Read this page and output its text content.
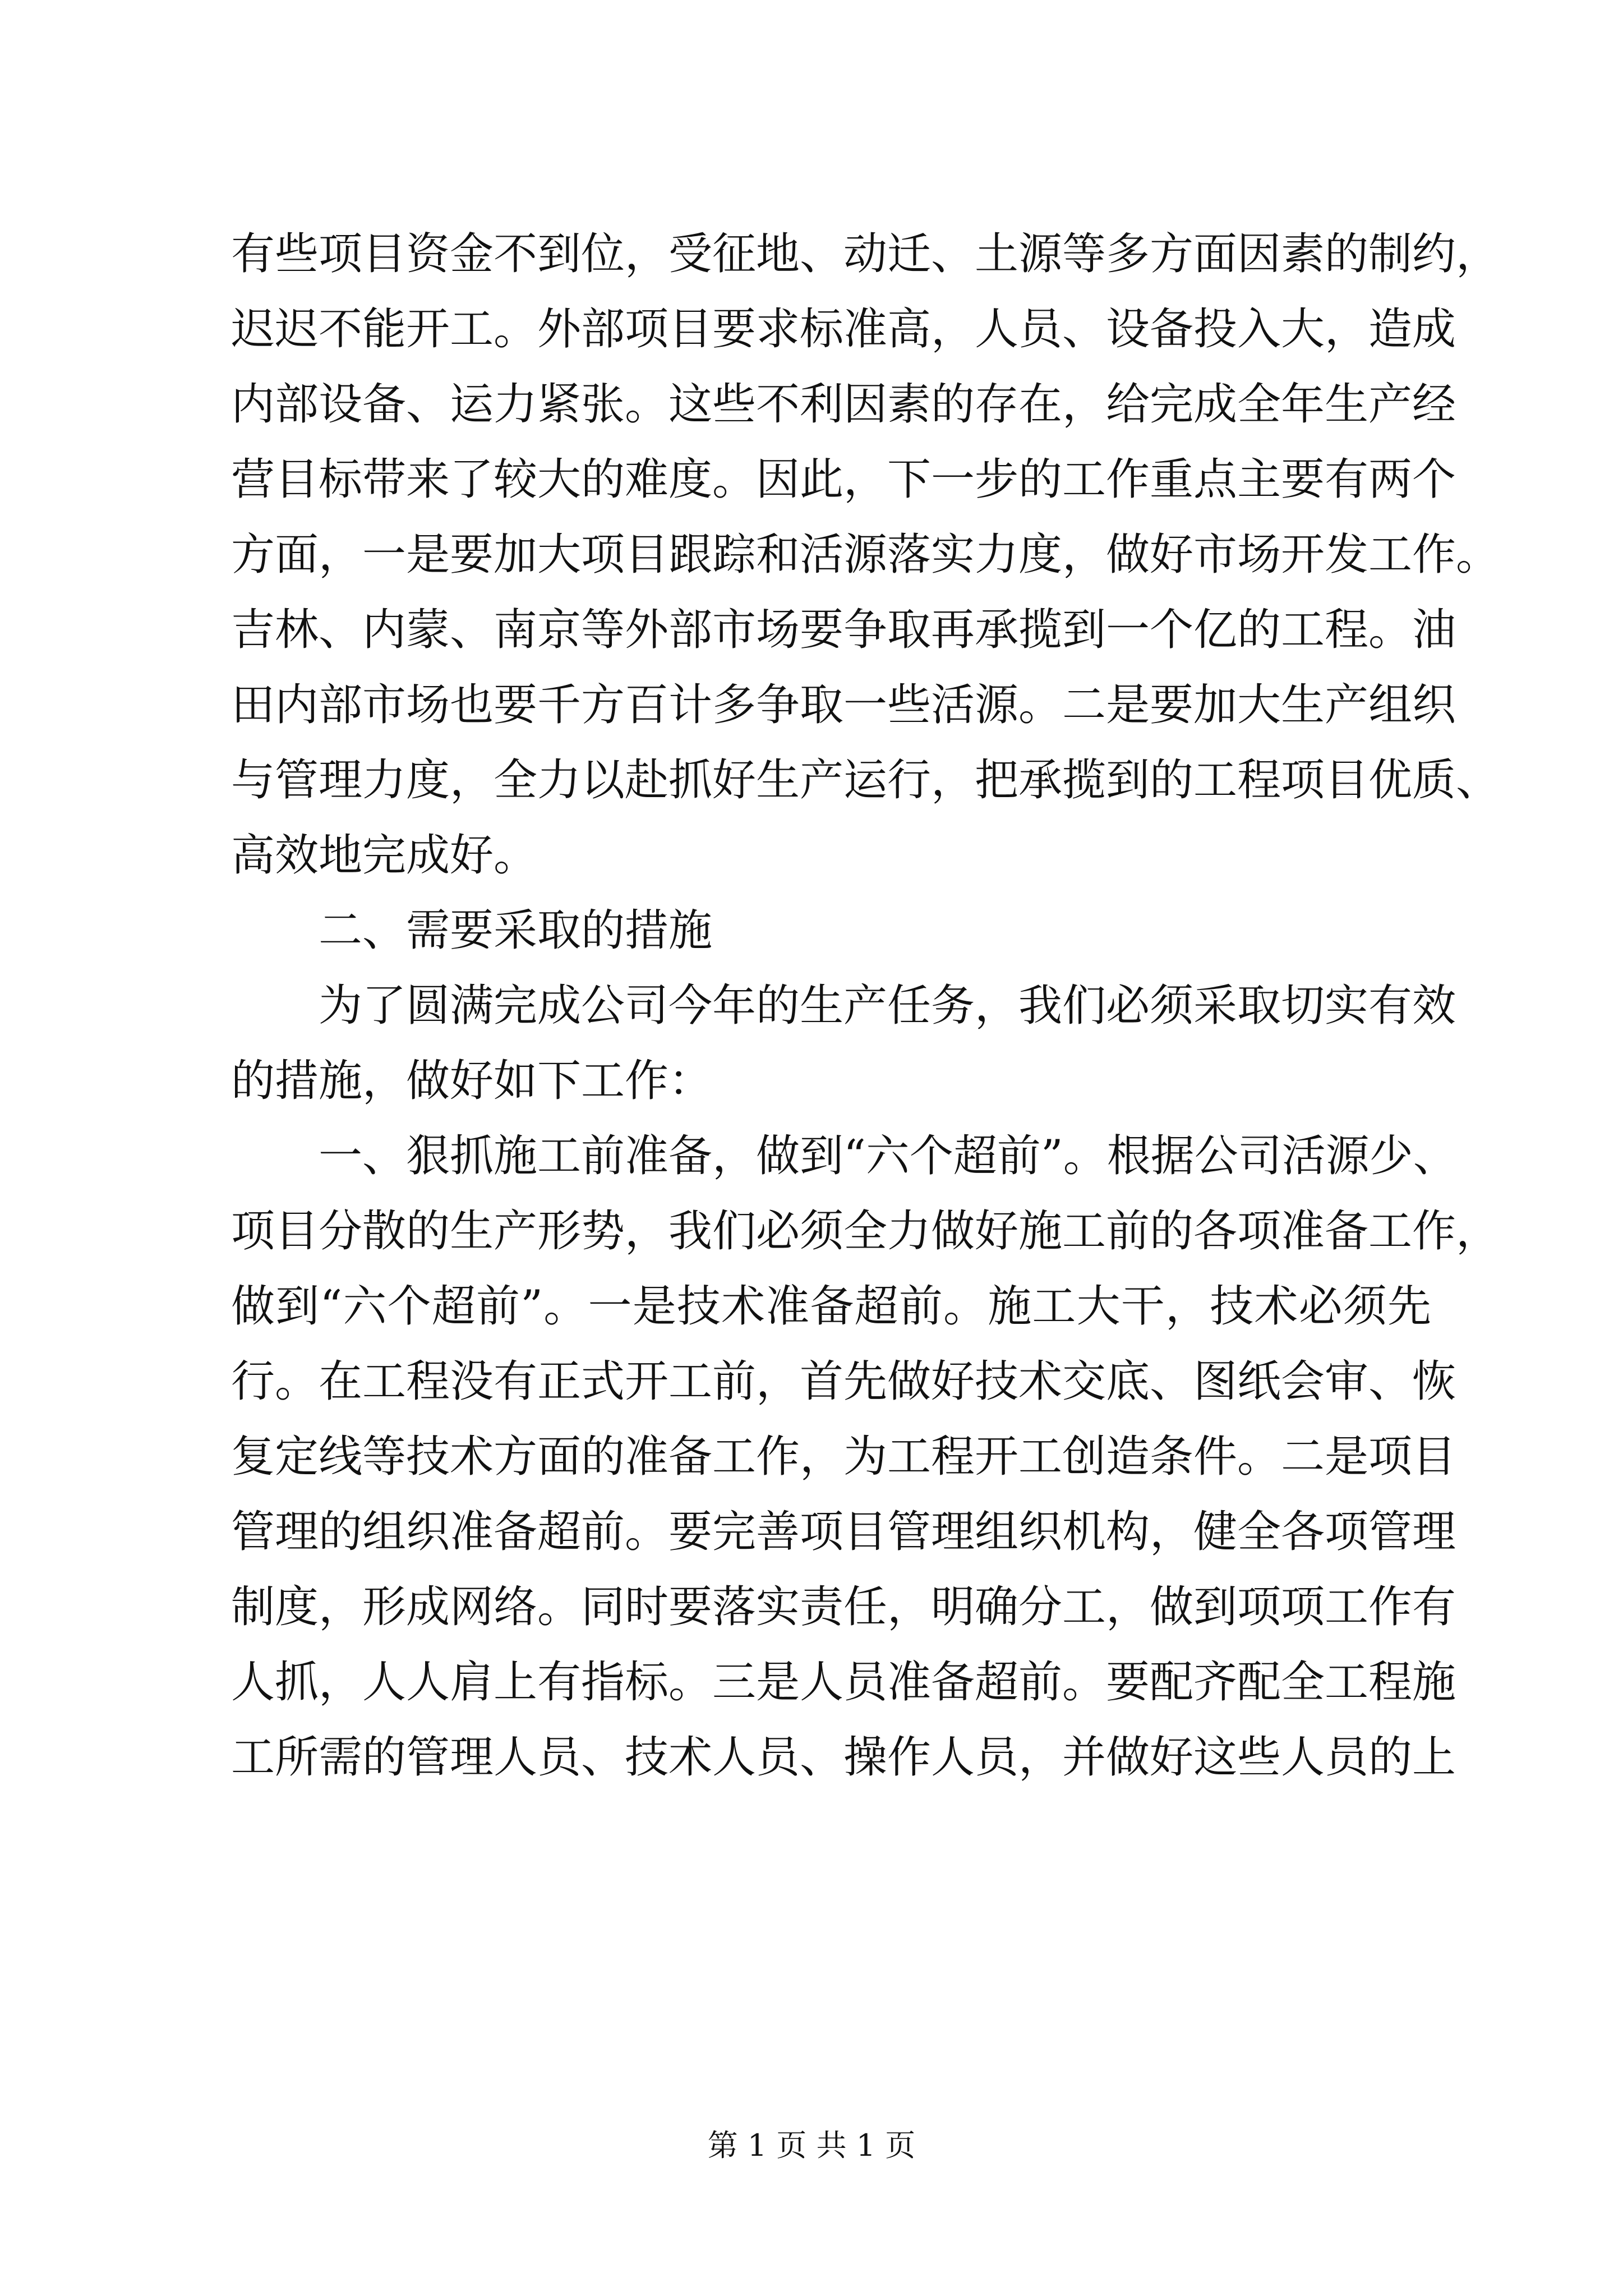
有些项目资金不到位，受征地、动迁、土源等多方面因素的制约，
迟迟不能开工。外部项目要求标准高，人员、设备投入大，造成
内部设备、运力紧张。这些不利因素的存在，给完成全年生产经
营目标带来了较大的难度。因此，下一步的工作重点主要有两个
方面，一是要加大项目跟踪和活源落实力度，做好市场开发工作。
吉林、内蒙、南京等外部市场要争取再承揽到一个亿的工程。油
田内部市场也要千方百计多争取一些活源。二是要加大生产组织
与管理力度，全力以赴抓好生产运行，把承揽到的工程项目优质、
高效地完成好。
二、需要采取的措施
为了圆满完成公司今年的生产任务，我们必须采取切实有效
的措施，做好如下工作：
一、狠抓施工前准备，做到“六个超前”。根据公司活源少、
项目分散的生产形势，我们必须全力做好施工前的各项准备工作，
做到“六个超前”。一是技术准备超前。施工大干，技术必须先
行。在工程没有正式开工前，首先做好技术交底、图纸会审、恢
复定线等技术方面的准备工作，为工程开工创造条件。二是项目
管理的组织准备超前。要完善项目管理组织机构，健全各项管理
制度，形成网络。同时要落实责任，明确分工，做到项项工作有
人抓，人人肩上有指标。三是人员准备超前。要配齐配全工程施
工所需的管理人员、技术人员、操作人员，并做好这些人员的上
第 1 页 共 1 页
